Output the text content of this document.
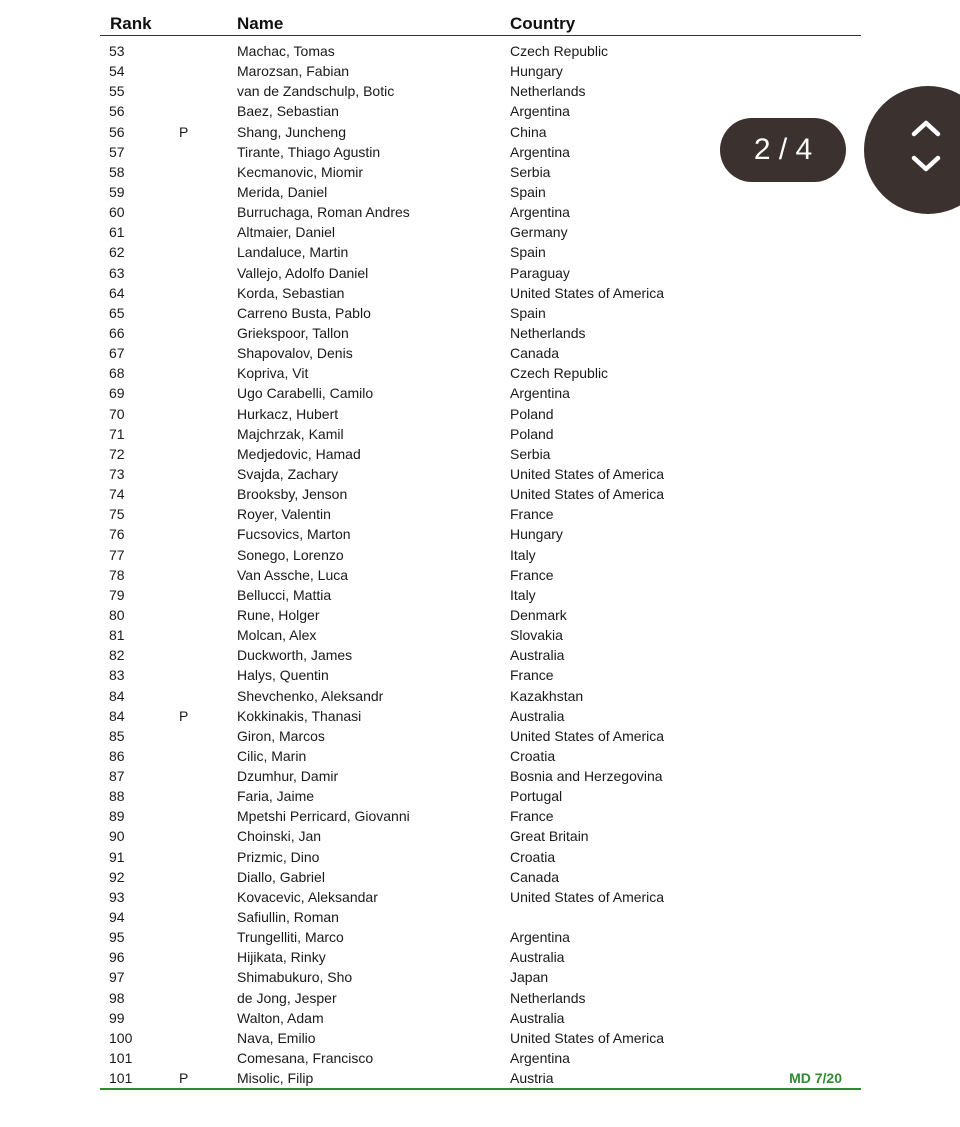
Rank	Name	Country
53	Machac, Tomas	Czech Republic
54	Marozsan, Fabian	Hungary
55	van de Zandschulp, Botic	Netherlands
56	Baez, Sebastian	Argentina
56	P	Shang, Juncheng	China
57	Tirante, Thiago Agustin	Argentina
58	Kecmanovic, Miomir	Serbia
59	Merida, Daniel	Spain
60	Burruchaga, Roman Andres	Argentina
61	Altmaier, Daniel	Germany
62	Landaluce, Martin	Spain
63	Vallejo, Adolfo Daniel	Paraguay
64	Korda, Sebastian	United States of America
65	Carreno Busta, Pablo	Spain
66	Griekspoor, Tallon	Netherlands
67	Shapovalov, Denis	Canada
68	Kopriva, Vit	Czech Republic
69	Ugo Carabelli, Camilo	Argentina
70	Hurkacz, Hubert	Poland
71	Majchrzak, Kamil	Poland
72	Medjedovic, Hamad	Serbia
73	Svajda, Zachary	United States of America
74	Brooksby, Jenson	United States of America
75	Royer, Valentin	France
76	Fucsovics, Marton	Hungary
77	Sonego, Lorenzo	Italy
78	Van Assche, Luca	France
79	Bellucci, Mattia	Italy
80	Rune, Holger	Denmark
81	Molcan, Alex	Slovakia
82	Duckworth, James	Australia
83	Halys, Quentin	France
84	Shevchenko, Aleksandr	Kazakhstan
84	P	Kokkinakis, Thanasi	Australia
85	Giron, Marcos	United States of America
86	Cilic, Marin	Croatia
87	Dzumhur, Damir	Bosnia and Herzegovina
88	Faria, Jaime	Portugal
89	Mpetshi Perricard, Giovanni	France
90	Choinski, Jan	Great Britain
91	Prizmic, Dino	Croatia
92	Diallo, Gabriel	Canada
93	Kovacevic, Aleksandar	United States of America
94	Safiullin, Roman
95	Trungelliti, Marco	Argentina
96	Hijikata, Rinky	Australia
97	Shimabukuro, Sho	Japan
98	de Jong, Jesper	Netherlands
99	Walton, Adam	Australia
100	Nava, Emilio	United States of America
101	Comesana, Francisco	Argentina
101	P	Misolic, Filip	Austria	MD 7/20
2 / 4
